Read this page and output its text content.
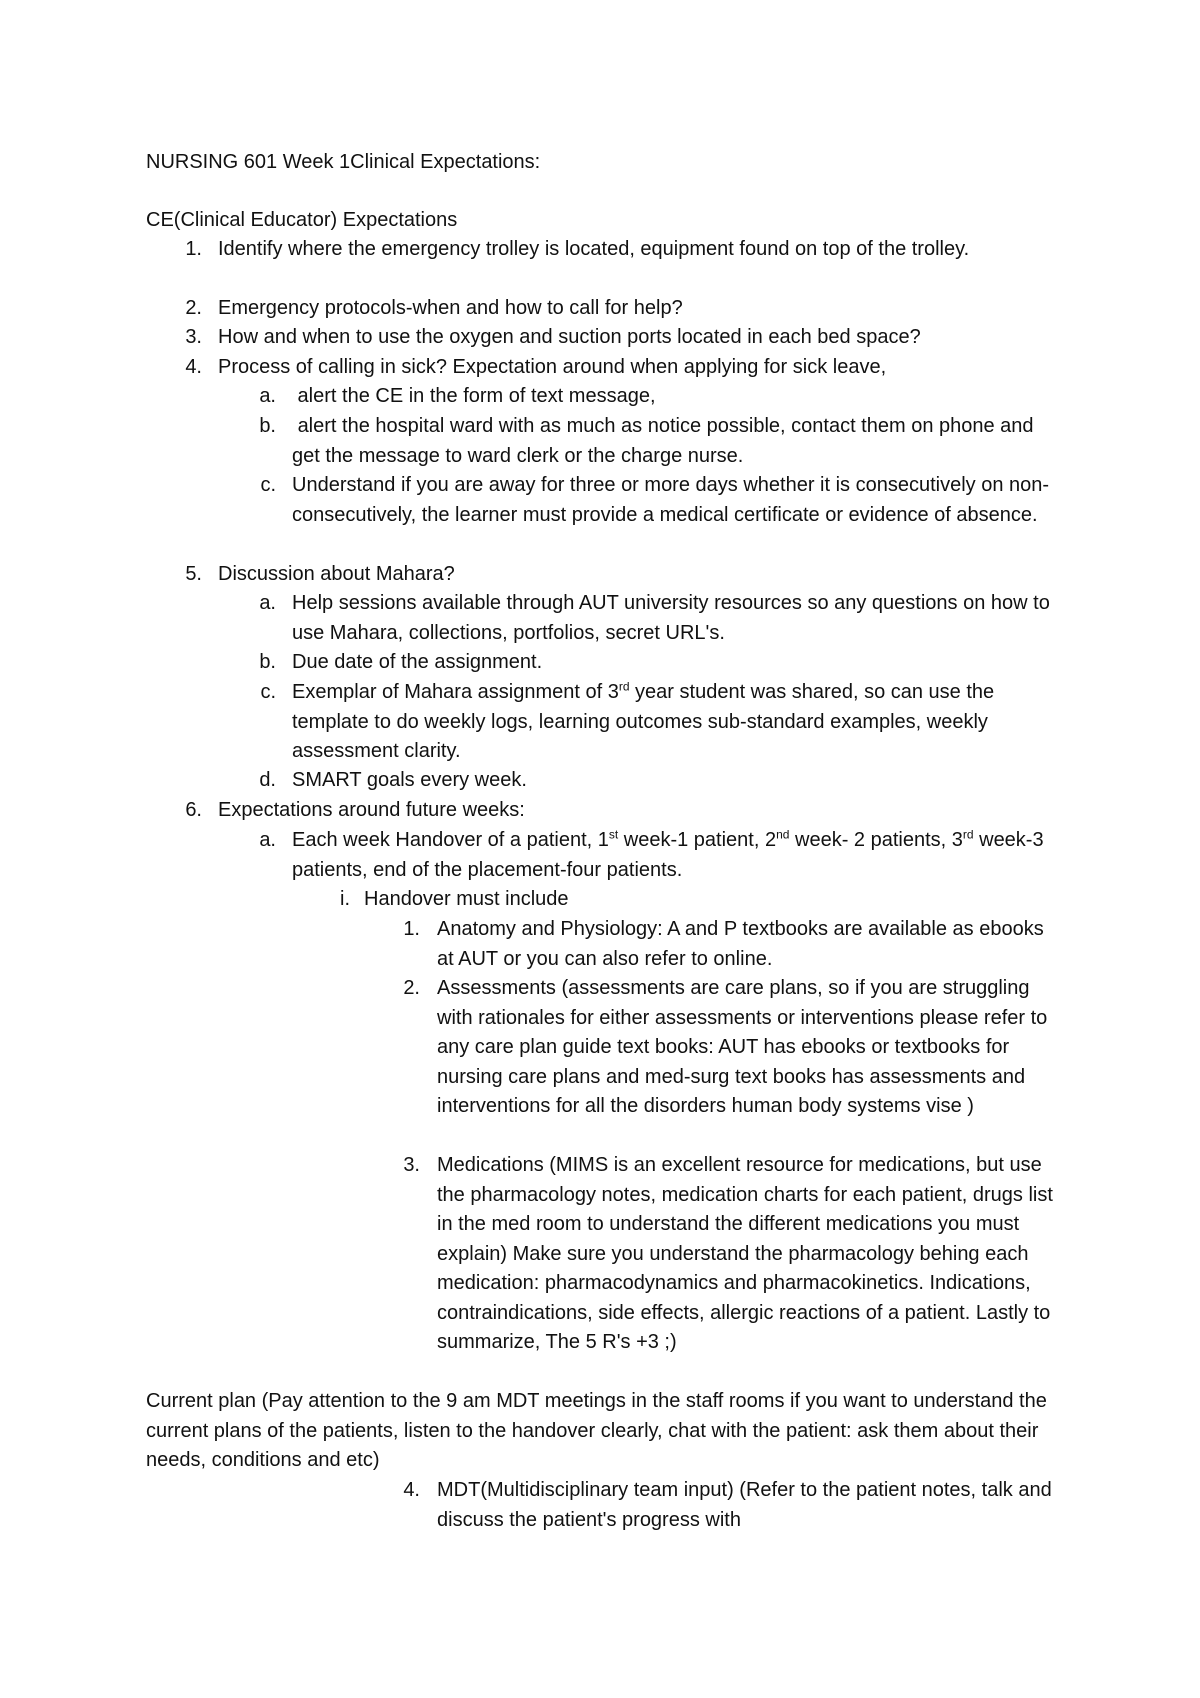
NURSING 601 Week 1Clinical Expectations:
CE(Clinical Educator) Expectations
1. Identify where the emergency trolley is located, equipment found on top of the trolley.
2. Emergency protocols-when and how to call for help?
3. How and when to use the oxygen and suction ports located in each bed space?
4. Process of calling in sick? Expectation around when applying for sick leave,
a. alert the CE in the form of text message,
b. alert the hospital ward with as much as notice possible, contact them on phone and get the message to ward clerk or the charge nurse.
c. Understand if you are away for three or more days whether it is consecutively on non-consecutively, the learner must provide a medical certificate or evidence of absence.
5. Discussion about Mahara?
a. Help sessions available through AUT university resources so any questions on how to use Mahara, collections, portfolios, secret URL's.
b. Due date of the assignment.
c. Exemplar of Mahara assignment of 3rd year student was shared, so can use the template to do weekly logs, learning outcomes sub-standard examples, weekly assessment clarity.
d. SMART goals every week.
6. Expectations around future weeks:
a. Each week Handover of a patient, 1st week-1 patient, 2nd week- 2 patients, 3rd week-3 patients, end of the placement-four patients.
i. Handover must include
1. Anatomy and Physiology: A and P textbooks are available as ebooks at AUT or you can also refer to online.
2. Assessments (assessments are care plans, so if you are struggling with rationales for either assessments or interventions please refer to any care plan guide text books: AUT has ebooks or textbooks for nursing care plans and med-surg text books has assessments and interventions for all the disorders human body systems vise )
3. Medications (MIMS is an excellent resource for medications, but use the pharmacology notes, medication charts for each patient, drugs list in the med room to understand the different medications you must explain) Make sure you understand the pharmacology behing each medication: pharmacodynamics and pharmacokinetics. Indications, contraindications, side effects, allergic reactions of a patient. Lastly to summarize, The 5 R's +3 ;)
Current plan (Pay attention to the 9 am MDT meetings in the staff rooms if you want to understand the current plans of the patients, listen to the handover clearly, chat with the patient: ask them about their needs, conditions and etc)
4. MDT(Multidisciplinary team input) (Refer to the patient notes, talk and discuss the patient's progress with
